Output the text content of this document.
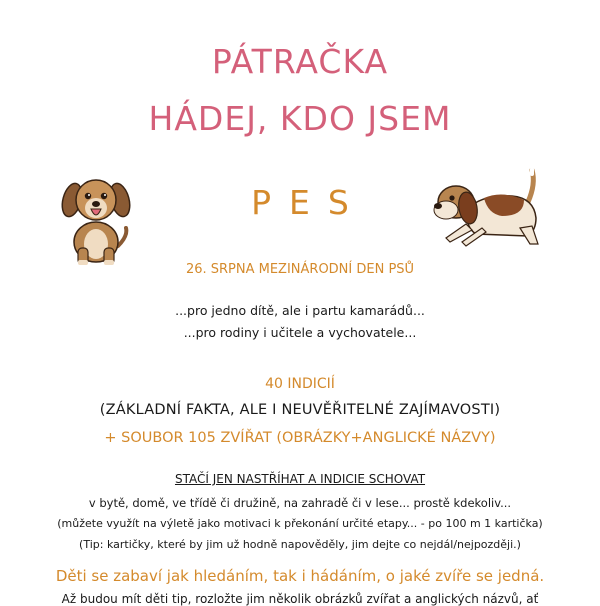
PÁTRAČKA
HÁDEJ, KDO JSEM
PES
26. SRPNA MEZINÁRODNÍ DEN PSŮ
...pro jedno dítě, ale i partu kamarádů...
...pro rodiny i učitele a vychovatele...
40 INDICIÍ
(ZÁKLADNÍ FAKTA, ALE I NEUVĚŘITELNÉ ZAJÍMAVOSTI)
+ SOUBOR 105 ZVÍŘAT (OBRÁZKY+ANGLICKÉ NÁZVY)
STAČÍ JEN NASTŘÍHAT A INDICIE SCHOVAT
v bytě, domě, ve třídě či družině, na zahradě či v lese... prostě kdekoliv...
(můžete využít na výletě jako motivaci k překonání určité etapy... - po 100 m 1 kartička)
(Tip: kartičky, které by jim už hodně napověděly, jim dejte co nejdál/nejpozději.)
Děti se zabaví jak hledáním, tak i hádáním, o jaké zvíře se jedná.
Až budou mít děti tip, rozložte jim několik obrázků zvířat a anglických názvů, ať
